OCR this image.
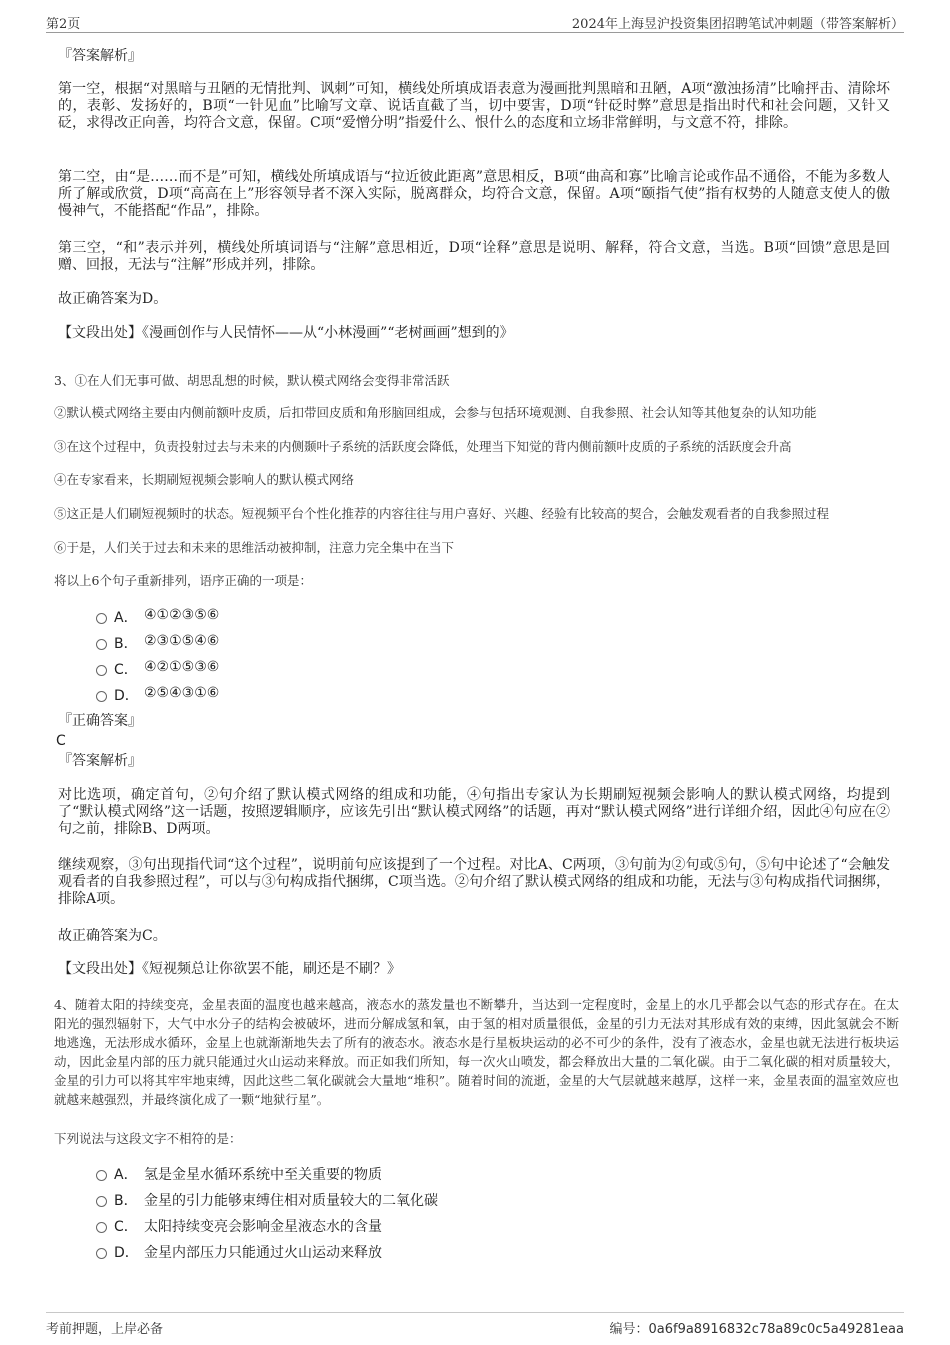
第2页	2024年上海昱沪投资集团招聘笔试冲刺题（带答案解析）
『答案解析』
第一空，根据“对黑暗与丑陋的无情批判、讽刺”可知，横线处所填成语表意为漫画批判黑暗和丑陋，A项“激浊扬清”比喻抨击、清除坏的，表彰、发扬好的，B项“一针见血”比喻写文章、说话直截了当，切中要害，D项“针砭时弊”意思是指出时代和社会问题，又针又砭，求得改正向善，均符合文意，保留。C项“爱憎分明”指爱什么、恨什么的态度和立场非常鲜明，与文意不符，排除。
第二空，由“是……而不是”可知，横线处所填成语与“拉近彼此距离”意思相反，B项“曲高和寡”比喻言论或作品不通俗，不能为多数人所了解或欣赏，D项“高高在上”形容领导者不深入实际，脱离群众，均符合文意，保留。A项“颐指气使”指有权势的人随意支使人的傲慢神气，不能搭配“作品”，排除。
第三空，“和”表示并列，横线处所填词语与“注解”意思相近，D项“诠释”意思是说明、解释，符合文意，当选。B项“回馈”意思是回赠、回报，无法与“注解”形成并列，排除。
故正确答案为D。
【文段出处】《漫画创作与人民情怀——从“小林漫画”“老树画画”想到的》
3、①在人们无事可做、胡思乱想的时候，默认模式网络会变得非常活跃
②默认模式网络主要由内侧前额叶皮质，后扣带回皮质和角形脑回组成，会参与包括环境观测、自我参照、社会认知等其他复杂的认知功能
③在这个过程中，负责投射过去与未来的内侧颞叶子系统的活跃度会降低，处理当下知觉的背内侧前额叶皮质的子系统的活跃度会升高
④在专家看来，长期刷短视频会影响人的默认模式网络
⑤这正是人们刷短视频时的状态。短视频平台个性化推荐的内容往往与用户喜好、兴趣、经验有比较高的契合，会触发观看者的自我参照过程
⑥于是，人们关于过去和未来的思维活动被抑制，注意力完全集中在当下
将以上6个句子重新排列，语序正确的一项是：
A． ④①②③⑤⑥
B． ②③①⑤④⑥
C． ④②①⑤③⑥
D． ②⑤④③①⑥
『正确答案』
C
『答案解析』
对比选项，确定首句，②句介绍了默认模式网络的组成和功能，④句指出专家认为长期刷短视频会影响人的默认模式网络，均提到了“默认模式网络”这一话题，按照逻辑顺序，应该先引出“默认模式网络”的话题，再对“默认模式网络”进行详细介绍，因此④句应在②句之前，排除B、D两项。
继续观察，③句出现指代词“这个过程”，说明前句应该提到了一个过程。对比A、C两项，③句前为②句或⑤句，⑤句中论述了“会触发观看者的自我参照过程”，可以与③句构成指代捆绑，C项当选。②句介绍了默认模式网络的组成和功能，无法与③句构成指代词捆绑，排除A项。
故正确答案为C。
【文段出处】《短视频总让你欲罢不能，刷还是不刷？》
4、随着太阳的持续变亮，金星表面的温度也越来越高，液态水的蒸发量也不断攀升，当达到一定程度时，金星上的水几乎都会以气态的形式存在。在太阳光的强烈辐射下，大气中水分子的结构会被破坏，进而分解成氢和氧，由于氢的相对质量很低，金星的引力无法对其形成有效的束缚，因此氢就会不断地逃逸，无法形成水循环，金星上也就渐渐地失去了所有的液态水。液态水是行星板块运动的必不可少的条件，没有了液态水，金星也就无法进行板块运动，因此金星内部的压力就只能通过火山运动来释放。而正如我们所知，每一次火山喷发，都会释放出大量的二氧化碳。由于二氧化碳的相对质量较大，金星的引力可以将其牢牢地束缚，因此这些二氧化碳就会大量地“堆积”。随着时间的流逝，金星的大气层就越来越厚，这样一来，金星表面的温室效应也就越来越强烈，并最终演化成了一颗“地狱行星”。
下列说法与这段文字不相符的是：
A． 氢是金星水循环系统中至关重要的物质
B． 金星的引力能够束缚住相对质量较大的二氧化碳
C． 太阳持续变亮会影响金星液态水的含量
D． 金星内部压力只能通过火山运动来释放
考前押题，上岸必备	编号：0a6f9a8916832c78a89c0c5a49281eaa
